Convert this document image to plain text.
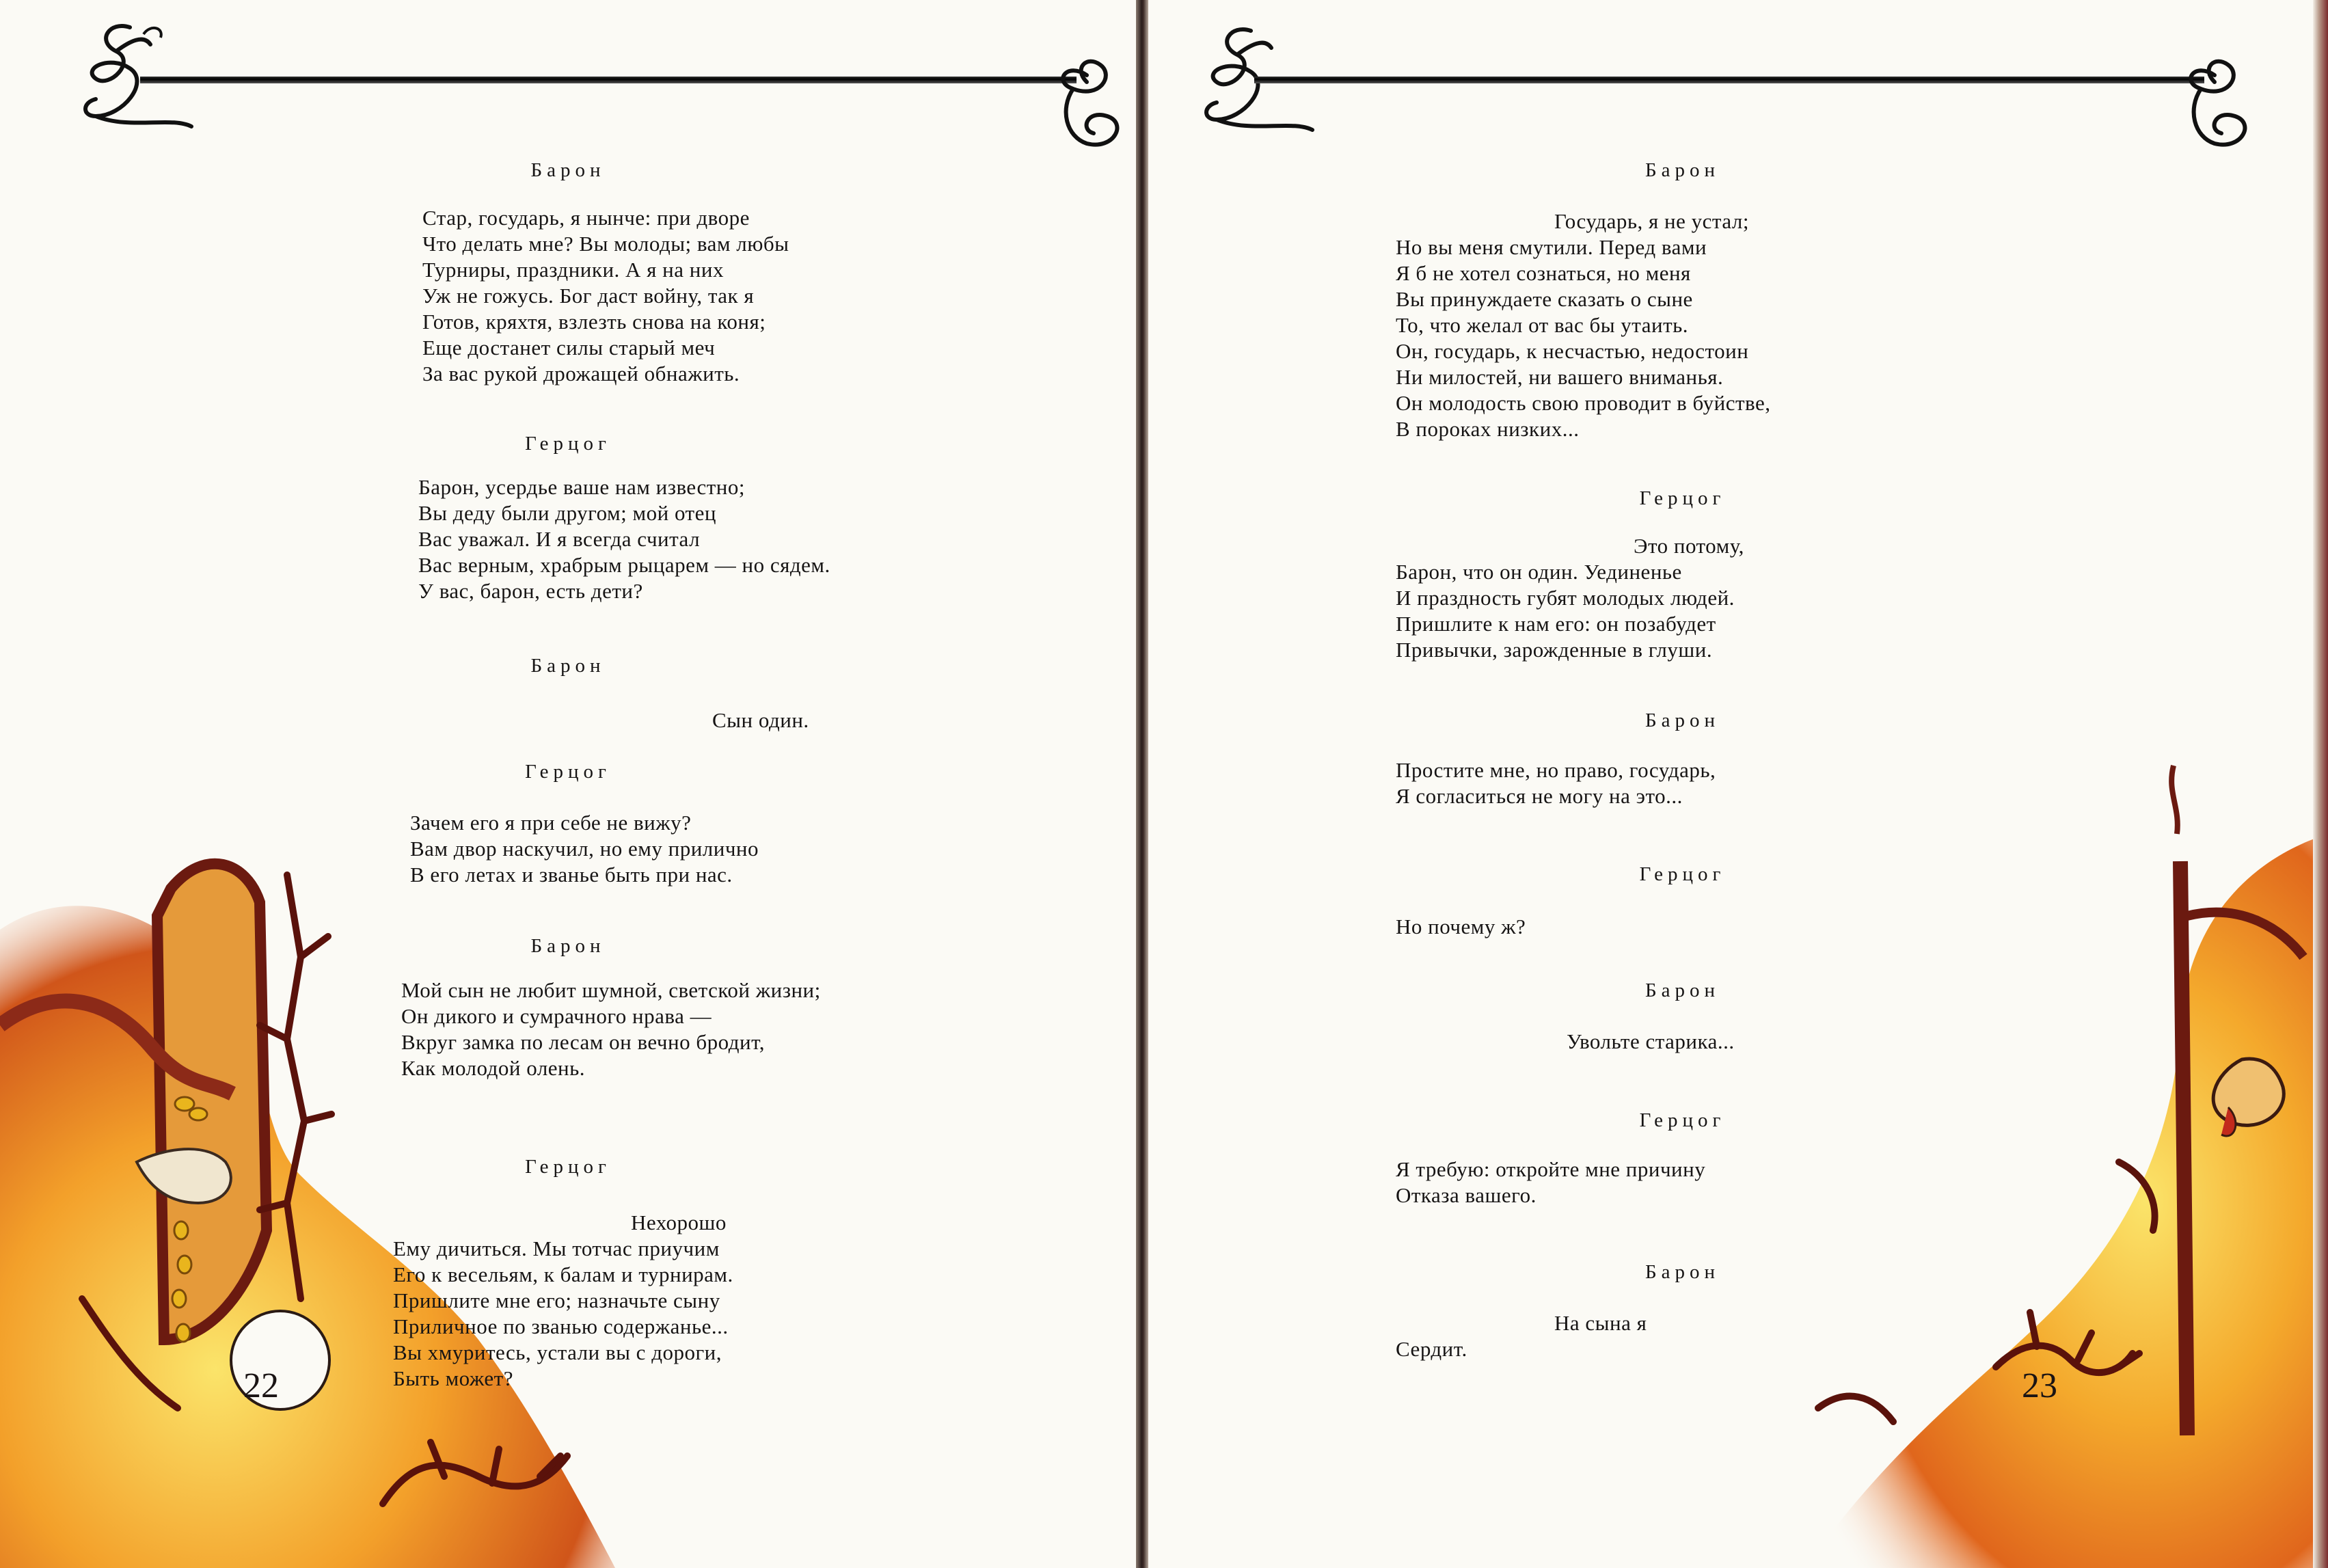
22

Барон

Стар, государь, я нынче: при дворе

Что делать мне? Вы молоды; вам любы

Турниры, праздники. А я на них

Уж не гожусь. Бог даст войну, так я

Готов, кряхтя, взлезть снова на коня;

Еще достанет силы старый меч

За вас рукой дрожащей обнажить.

Герцог

Барон, усердье ваше нам известно;

Вы деду были другом; мой отец

Вас уважал. И я всегда считал

Вас верным, храбрым рыцарем — но сядем.

У вас, барон, есть дети?

Барон

Сын один.

Герцог

Зачем его я при себе не вижу?

Вам двор наскучил, но ему прилично

В его летах и званье быть при нас.

Барон

Мой сын не любит шумной, светской жизни;

Он дикого и сумрачного нрава —

Вкруг замка по лесам он вечно бродит,

Как молодой олень.

Герцог

Нехорошо

Ему дичиться. Мы тотчас приучим

Его к весельям, к балам и турнирам.

Пришлите мне его; назначьте сыну

Приличное по званью содержанье...

Вы хмуритесь, устали вы с дороги,

Быть может?	23

Барон

Государь, я не устал;

Но вы меня смутили. Перед вами

Я б не хотел сознаться, но меня

Вы принуждаете сказать о сыне

То, что желал от вас бы утаить.

Он, государь, к несчастью, недостоин

Ни милостей, ни вашего вниманья.

Он молодость свою проводит в буйстве,

В пороках низких...

Герцог

Это потому,

Барон, что он один. Уединенье

И праздность губят молодых людей.

Пришлите к нам его: он позабудет

Привычки, зарожденные в глуши.

Барон

Простите мне, но право, государь,

Я согласиться не могу на это...

Герцог

Но почему ж?

Барон

Увольте старика...

Герцог

Я требую: откройте мне причину

Отказа вашего.

Барон

На сына я

Сердит.
